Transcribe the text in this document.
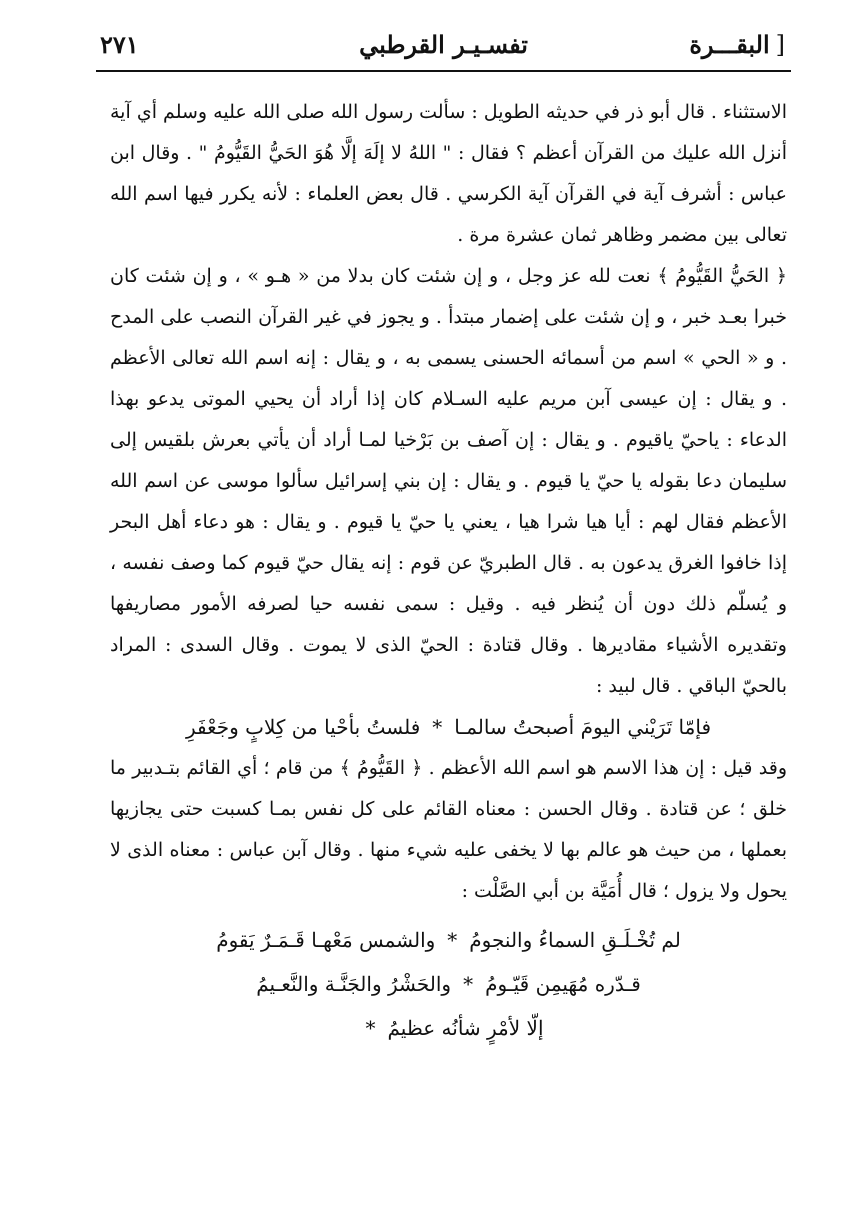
البقـــرة ]
تفسـيـر القرطبي
٢٧١

الاستثناء . قال أبو ذر في حديثه الطويل : سألت رسول الله صلى الله عليه وسلم أي آية أنزل الله عليك من القرآن أعظم ؟ فقال : " اللهُ لا إلَهَ إلَّا هُوَ الحَيُّ القَيُّومُ " . وقال ابن عباس : أشرف آية في القرآن آية الكرسي . قال بعض العلماء : لأنه يكرر فيها اسم الله تعالى بين مضمر وظاهر ثمان عشرة مرة .

﴿ الحَيُّ القَيُّومُ ﴾ نعت لله عز وجل ، و إن شئت كان بدلا من « هـو » ، و إن شئت كان خبرا بعـد خبر ، و إن شئت على إضمار مبتدأ . و يجوز في غير القرآن النصب على المدح . و « الحي » اسم من أسمائه الحسنى يسمى به ، و يقال : إنه اسم الله تعالى الأعظم . و يقال : إن عيسى آبن مريم عليه السـلام كان إذا أراد أن يحيي الموتى يدعو بهذا الدعاء : ياحيّ ياقيوم . و يقال : إن آصف بن بَرْخيا لمـا أراد أن يأتي بعرش بلقيس إلى سليمان دعا بقوله يا حيّ يا قيوم . و يقال : إن بني إسرائيل سألوا موسى عن اسم الله الأعظم فقال لهم : أيا هيا شرا هيا ، يعني يا حيّ يا قيوم . و يقال : هو دعاء أهل البحر إذا خافوا الغرق يدعون به . قال الطبريّ عن قوم : إنه يقال حيّ قيوم كما وصف نفسه ، و يُسلّم ذلك دون أن يُنظر فيه . وقيل : سمى نفسه حيا لصرفه الأمور مصاريفها وتقديره الأشياء مقاديرها . وقال قتادة : الحيّ الذى لا يموت . وقال السدى : المراد بالحيّ الباقي . قال لبيد :

فإمّا تَرَيْني اليومَ أصبحتُ سالمـا*فلستُ بأحْيا من كِلابٍ وجَعْفَرِ

وقد قيل : إن هذا الاسم هو اسم الله الأعظم . ﴿ القَيُّومُ ﴾ من قام ؛ أي القائم بتـدبير ما خلق ؛ عن قتادة . وقال الحسن : معناه القائم على كل نفس بمـا كسبت حتى يجازيها بعملها ، من حيث هو عالم بها لا يخفى عليه شيء منها . وقال آبن عباس : معناه الذى لا يحول ولا يزول ؛ قال أُمَيَّة بن أبي الصَّلْت :

لم تُخْـلَـقِ السماءُ والنجومُ*والشمس مَعْهـا قَـمَـرٌ يَقومُ

قـدّره مُهَيمِن قَيّـومُ*والحَشْرُ والجَنَّـة والنَّعـيمُ

إلّا لأمْرٍ شأنُه عظيمُ*
